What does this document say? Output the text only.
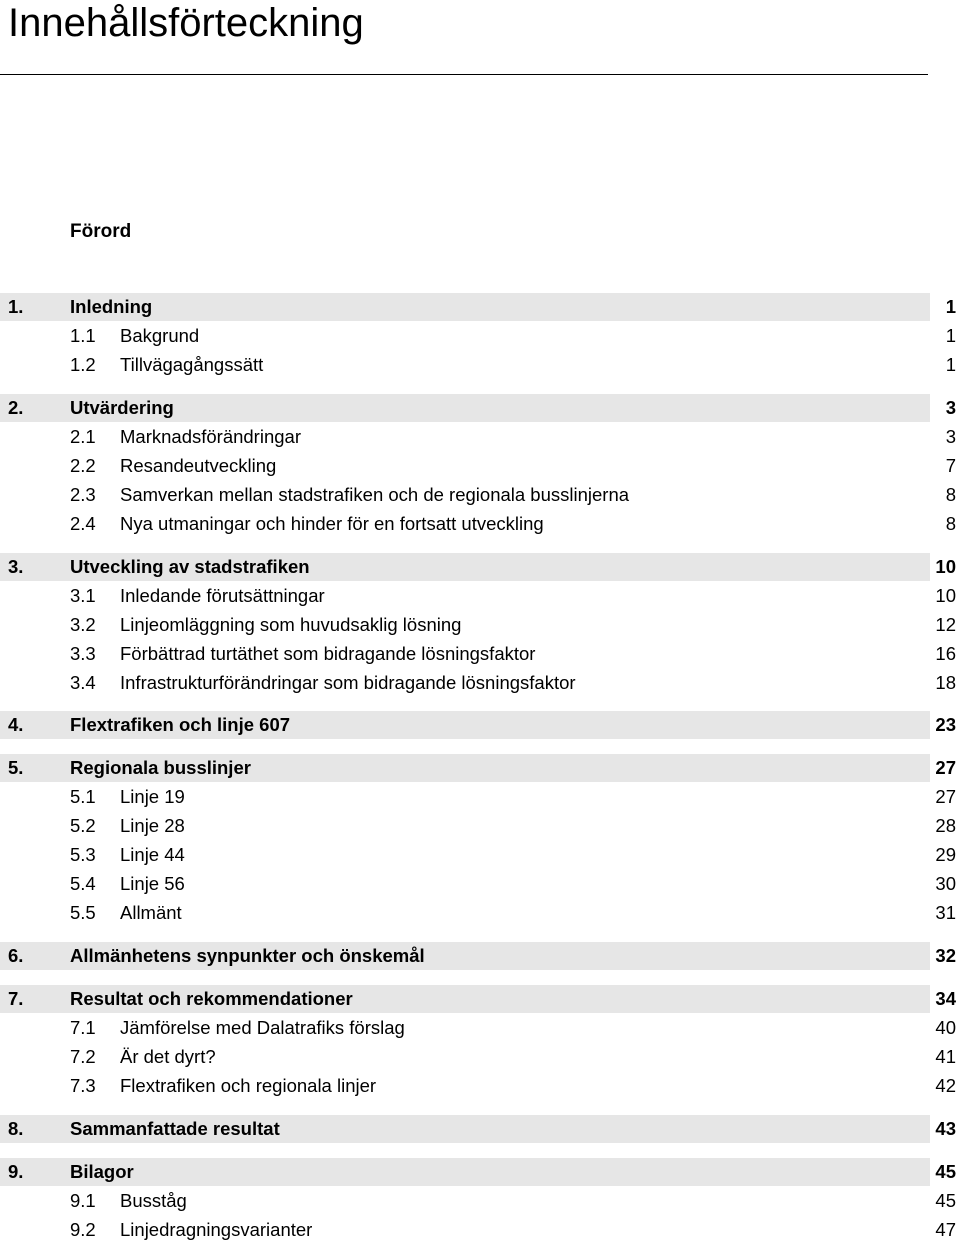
Innehållsförteckning
Förord
1.	Inledning	1
1.1 Bakgrund	1
1.2 Tillvägagångssätt	1
2.	Utvärdering	3
2.1 Marknadsförändringar	3
2.2 Resandeutveckling	7
2.3 Samverkan mellan stadstrafiken och de regionala busslinjerna	8
2.4 Nya utmaningar och hinder för en fortsatt utveckling	8
3.	Utveckling av stadstrafiken	10
3.1 Inledande förutsättningar	10
3.2 Linjeomläggning som huvudsaklig lösning	12
3.3 Förbättrad turtäthet som bidragande lösningsfaktor	16
3.4 Infrastrukturförändringar som bidragande lösningsfaktor	18
4.	Flextrafiken och linje 607	23
5.	Regionala busslinjer	27
5.1 Linje 19	27
5.2 Linje 28	28
5.3 Linje 44	29
5.4 Linje 56	30
5.5 Allmänt	31
6.	Allmänhetens synpunkter och önskemål	32
7.	Resultat och rekommendationer	34
7.1 Jämförelse med Dalatrafiks förslag	40
7.2 Är det dyrt?	41
7.3 Flextrafiken och regionala linjer	42
8.	Sammanfattade resultat	43
9.	Bilagor	45
9.1 Busståg	45
9.2 Linjedragningsvarianter	47
